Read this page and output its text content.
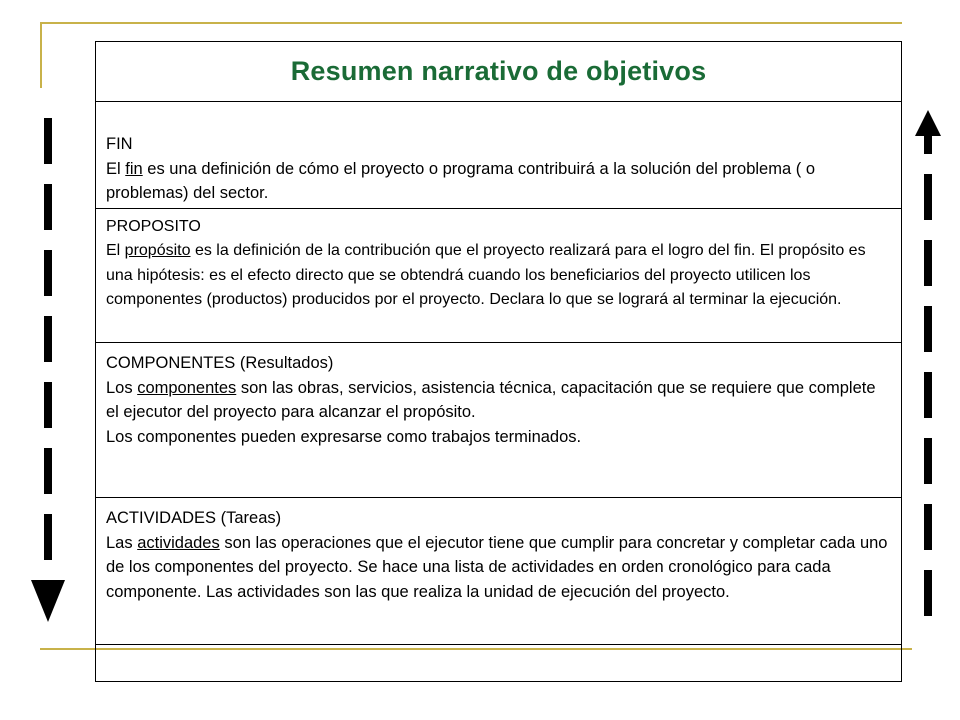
Resumen narrativo de objetivos

FIN

El fin es una definición de cómo el proyecto o programa contribuirá a la solución del problema ( o problemas) del sector.

PROPOSITO

El propósito es la definición de la contribución que el proyecto realizará para el logro del fin. El propósito es una hipótesis: es el efecto directo que se obtendrá cuando los beneficiarios del proyecto utilicen los componentes (productos) producidos por el proyecto. Declara lo que se logrará al terminar la ejecución.

COMPONENTES (Resultados)

Los componentes son las obras, servicios, asistencia técnica, capacitación que se requiere que complete el ejecutor del proyecto para alcanzar el propósito.

Los componentes pueden expresarse como trabajos terminados.

ACTIVIDADES (Tareas)

Las actividades son las operaciones que el ejecutor tiene que cumplir para concretar y completar cada uno de los componentes del proyecto. Se hace una lista de actividades en orden cronológico para cada componente. Las actividades son las que realiza la unidad de ejecución del proyecto.
